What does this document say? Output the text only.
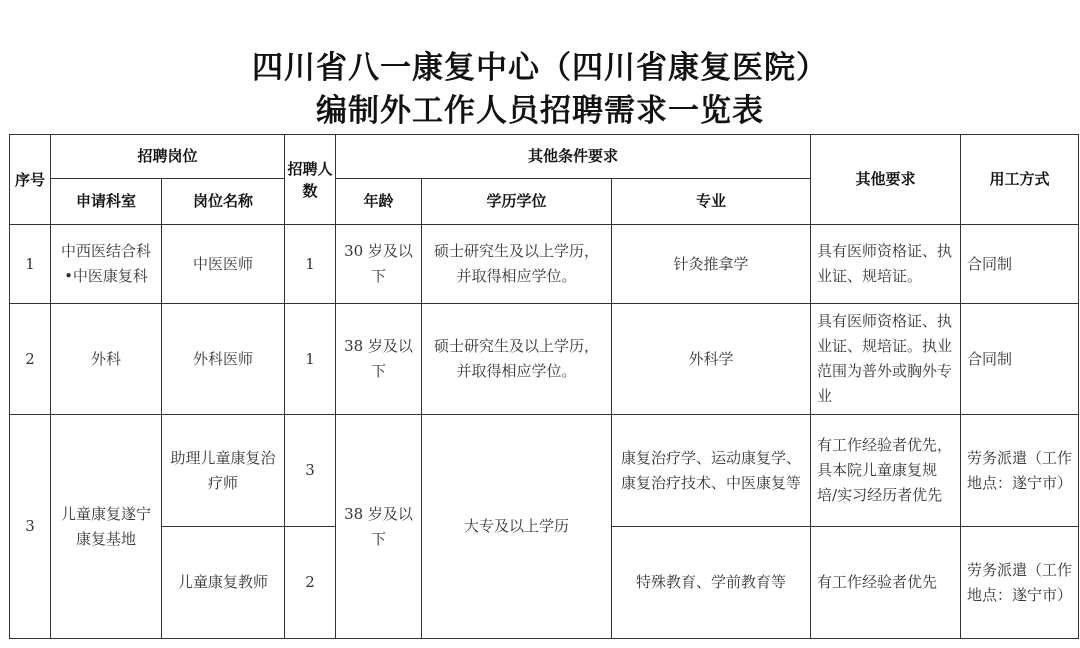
四川省八一康复中心（四川省康复医院）
编制外工作人员招聘需求一览表
序号	招聘岗位		招聘人数	其他条件要求			其他要求	用工方式
	申请科室	岗位名称		年龄	学历学位	专业		
1	中西医结合科•中医康复科	中医医师	1	30 岁及以下	硕士研究生及以上学历，并取得相应学位。	针灸推拿学	具有医师资格证、执业证、规培证。	合同制
2	外科	外科医师	1	38 岁及以下	硕士研究生及以上学历，并取得相应学位。	外科学	具有医师资格证、执业证、规培证。执业范围为普外或胸外专业	合同制
3	儿童康复遂宁康复基地	助理儿童康复治疗师	3	38 岁及以下	大专及以上学历	康复治疗学、运动康复学、康复治疗技术、中医康复等	有工作经验者优先，具本院儿童康复规培/实习经历者优先	劳务派遣（工作地点：遂宁市）
		儿童康复教师	2			特殊教育、学前教育等	有工作经验者优先	劳务派遣（工作地点：遂宁市）
